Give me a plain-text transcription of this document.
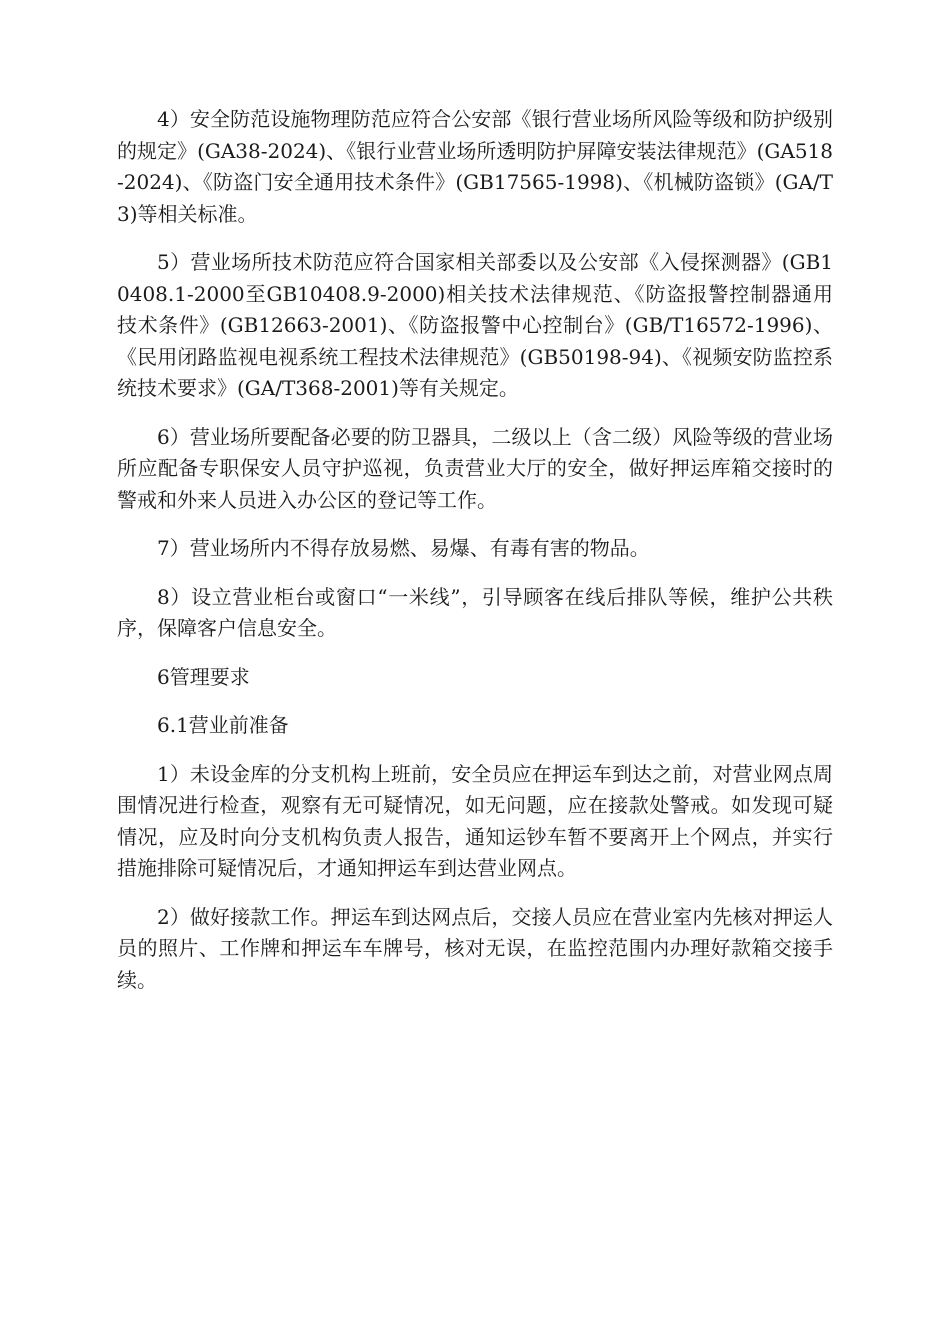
4）安全防范设施物理防范应符合公安部《银行营业场所风险等级和防护级别的规定》(GA38-2024)、《银行业营业场所透明防护屏障安装法律规范》(GA518-2024)、《防盗门安全通用技术条件》(GB17565-1998)、《机械防盗锁》(GA/T3)等相关标准。

5）营业场所技术防范应符合国家相关部委以及公安部《入侵探测器》(GB10408.1-2000至GB10408.9-2000)相关技术法律规范、《防盗报警控制器通用技术条件》(GB12663-2001)、《防盗报警中心控制台》(GB/T16572-1996)、《民用闭路监视电视系统工程技术法律规范》(GB50198-94)、《视频安防监控系统技术要求》(GA/T368-2001)等有关规定。

6）营业场所要配备必要的防卫器具，二级以上（含二级）风险等级的营业场所应配备专职保安人员守护巡视，负责营业大厅的安全，做好押运库箱交接时的警戒和外来人员进入办公区的登记等工作。

7）营业场所内不得存放易燃、易爆、有毒有害的物品。

8）设立营业柜台或窗口“一米线”，引导顾客在线后排队等候，维护公共秩序，保障客户信息安全。

6管理要求

6.1营业前准备

1）未设金库的分支机构上班前，安全员应在押运车到达之前，对营业网点周围情况进行检查，观察有无可疑情况，如无问题，应在接款处警戒。如发现可疑情况，应及时向分支机构负责人报告，通知运钞车暂不要离开上个网点，并实行措施排除可疑情况后，才通知押运车到达营业网点。

2）做好接款工作。押运车到达网点后，交接人员应在营业室内先核对押运人员的照片、工作牌和押运车车牌号，核对无误，在监控范围内办理好款箱交接手续。
